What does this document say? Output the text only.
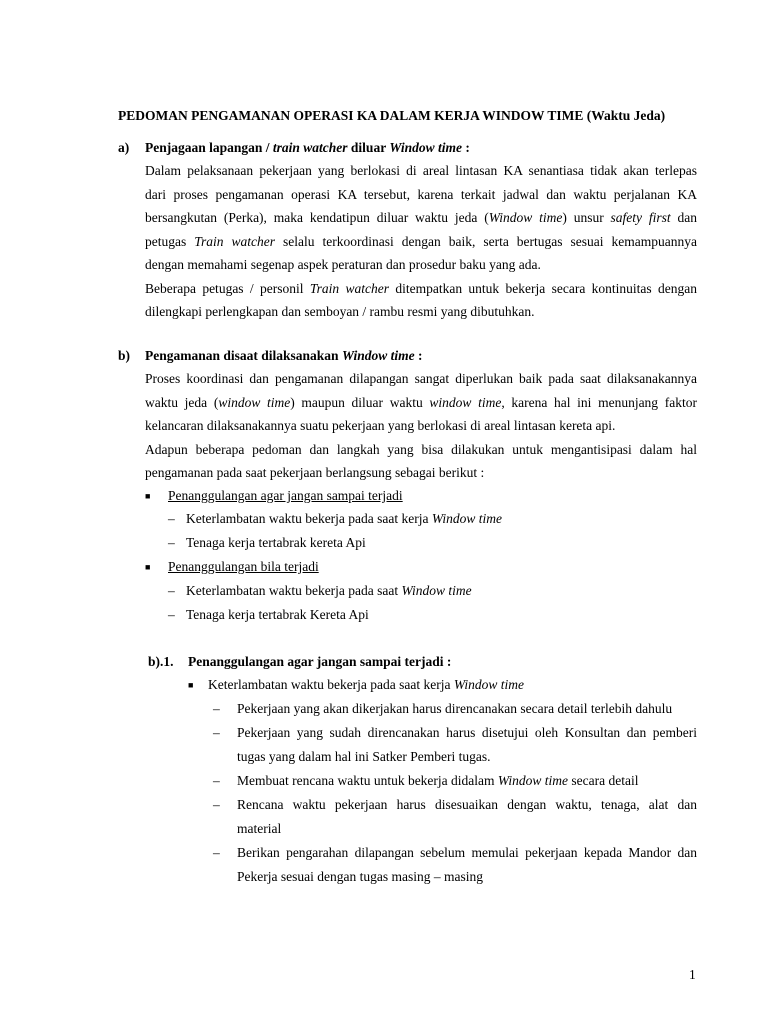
PEDOMAN PENGAMANAN OPERASI KA DALAM KERJA WINDOW TIME (Waktu Jeda)
a) Penjagaan lapangan / train watcher diluar Window time :
Dalam pelaksanaan pekerjaan yang berlokasi di areal lintasan KA senantiasa tidak akan terlepas
dari proses pengamanan operasi KA tersebut, karena terkait jadwal dan waktu perjalanan KA
bersangkutan (Perka), maka kendatipun diluar waktu jeda (Window time) unsur safety first dan
petugas Train watcher selalu terkoordinasi dengan baik, serta bertugas sesuai kemampuannya
dengan memahami segenap aspek peraturan dan prosedur baku yang ada.
Beberapa petugas / personil Train watcher ditempatkan untuk bekerja secara kontinuitas dengan
dilengkapi perlengkapan dan semboyan / rambu resmi yang dibutuhkan.
b) Pengamanan disaat dilaksanakan Window time :
Proses koordinasi dan pengamanan dilapangan sangat diperlukan baik pada saat dilaksanakannya
waktu jeda (window time) maupun diluar waktu window time, karena hal ini menunjang faktor
kelancaran dilaksanakannya suatu pekerjaan yang berlokasi di areal lintasan kereta api.
Adapun beberapa pedoman dan langkah yang bisa dilakukan untuk mengantisipasi dalam hal
pengamanan pada saat pekerjaan berlangsung sebagai berikut :
■ Penanggulangan agar jangan sampai terjadi
– Keterlambatan waktu bekerja pada saat kerja Window time
– Tenaga kerja tertabrak kereta Api
■ Penanggulangan bila terjadi
– Keterlambatan waktu bekerja pada saat Window time
– Tenaga kerja tertabrak Kereta Api
b).1. Penanggulangan agar jangan sampai terjadi :
■ Keterlambatan waktu bekerja pada saat kerja Window time
– Pekerjaan yang akan dikerjakan harus direncanakan secara detail terlebih dahulu
– Pekerjaan yang sudah direncanakan harus disetujui oleh Konsultan dan pemberi
tugas yang dalam hal ini Satker Pemberi tugas.
– Membuat rencana waktu untuk bekerja didalam Window time secara detail
– Rencana waktu pekerjaan harus disesuaikan dengan waktu, tenaga, alat dan
material
– Berikan pengarahan dilapangan sebelum memulai pekerjaan kepada Mandor dan
Pekerja sesuai dengan tugas masing – masing
1
